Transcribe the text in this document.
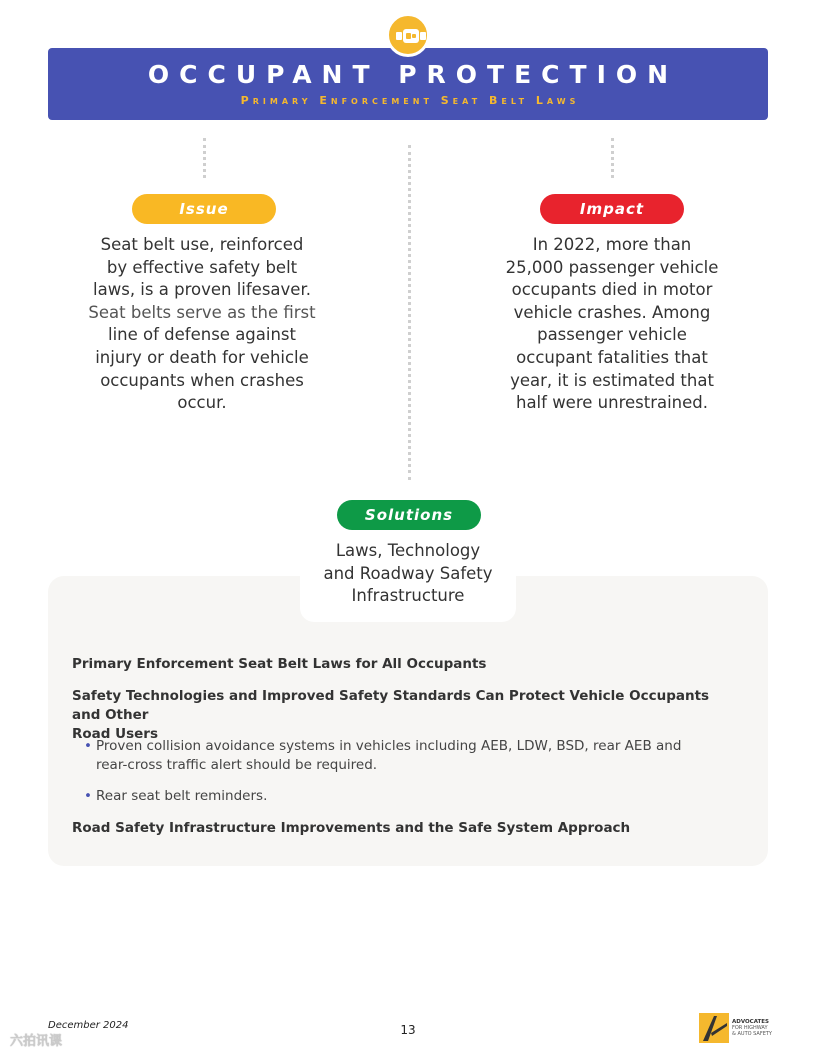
OCCUPANT PROTECTION
Primary Enforcement Seat Belt Laws
Issue
Seat belt use, reinforced
by effective safety belt
laws, is a proven lifesaver.
Seat belts serve as the first
line of defense against
injury or death for vehicle
occupants when crashes
occur.
Impact
In 2022, more than
25,000 passenger vehicle
occupants died in motor
vehicle crashes. Among
passenger vehicle
occupant fatalities that
year, it is estimated that
half were unrestrained.
Solutions
Laws, Technology
and Roadway Safety
Infrastructure
Primary Enforcement Seat Belt Laws for All Occupants
Safety Technologies and Improved Safety Standards Can Protect Vehicle Occupants and Other
Road Users
• Proven collision avoidance systems in vehicles including AEB, LDW, BSD, rear AEB and
rear-cross traffic alert should be required.
• Rear seat belt reminders.
Road Safety Infrastructure Improvements and the Safe System Approach
December 2024	13
ADVOCATES
FOR HIGHWAY
& AUTO SAFETY
六拍讯课
